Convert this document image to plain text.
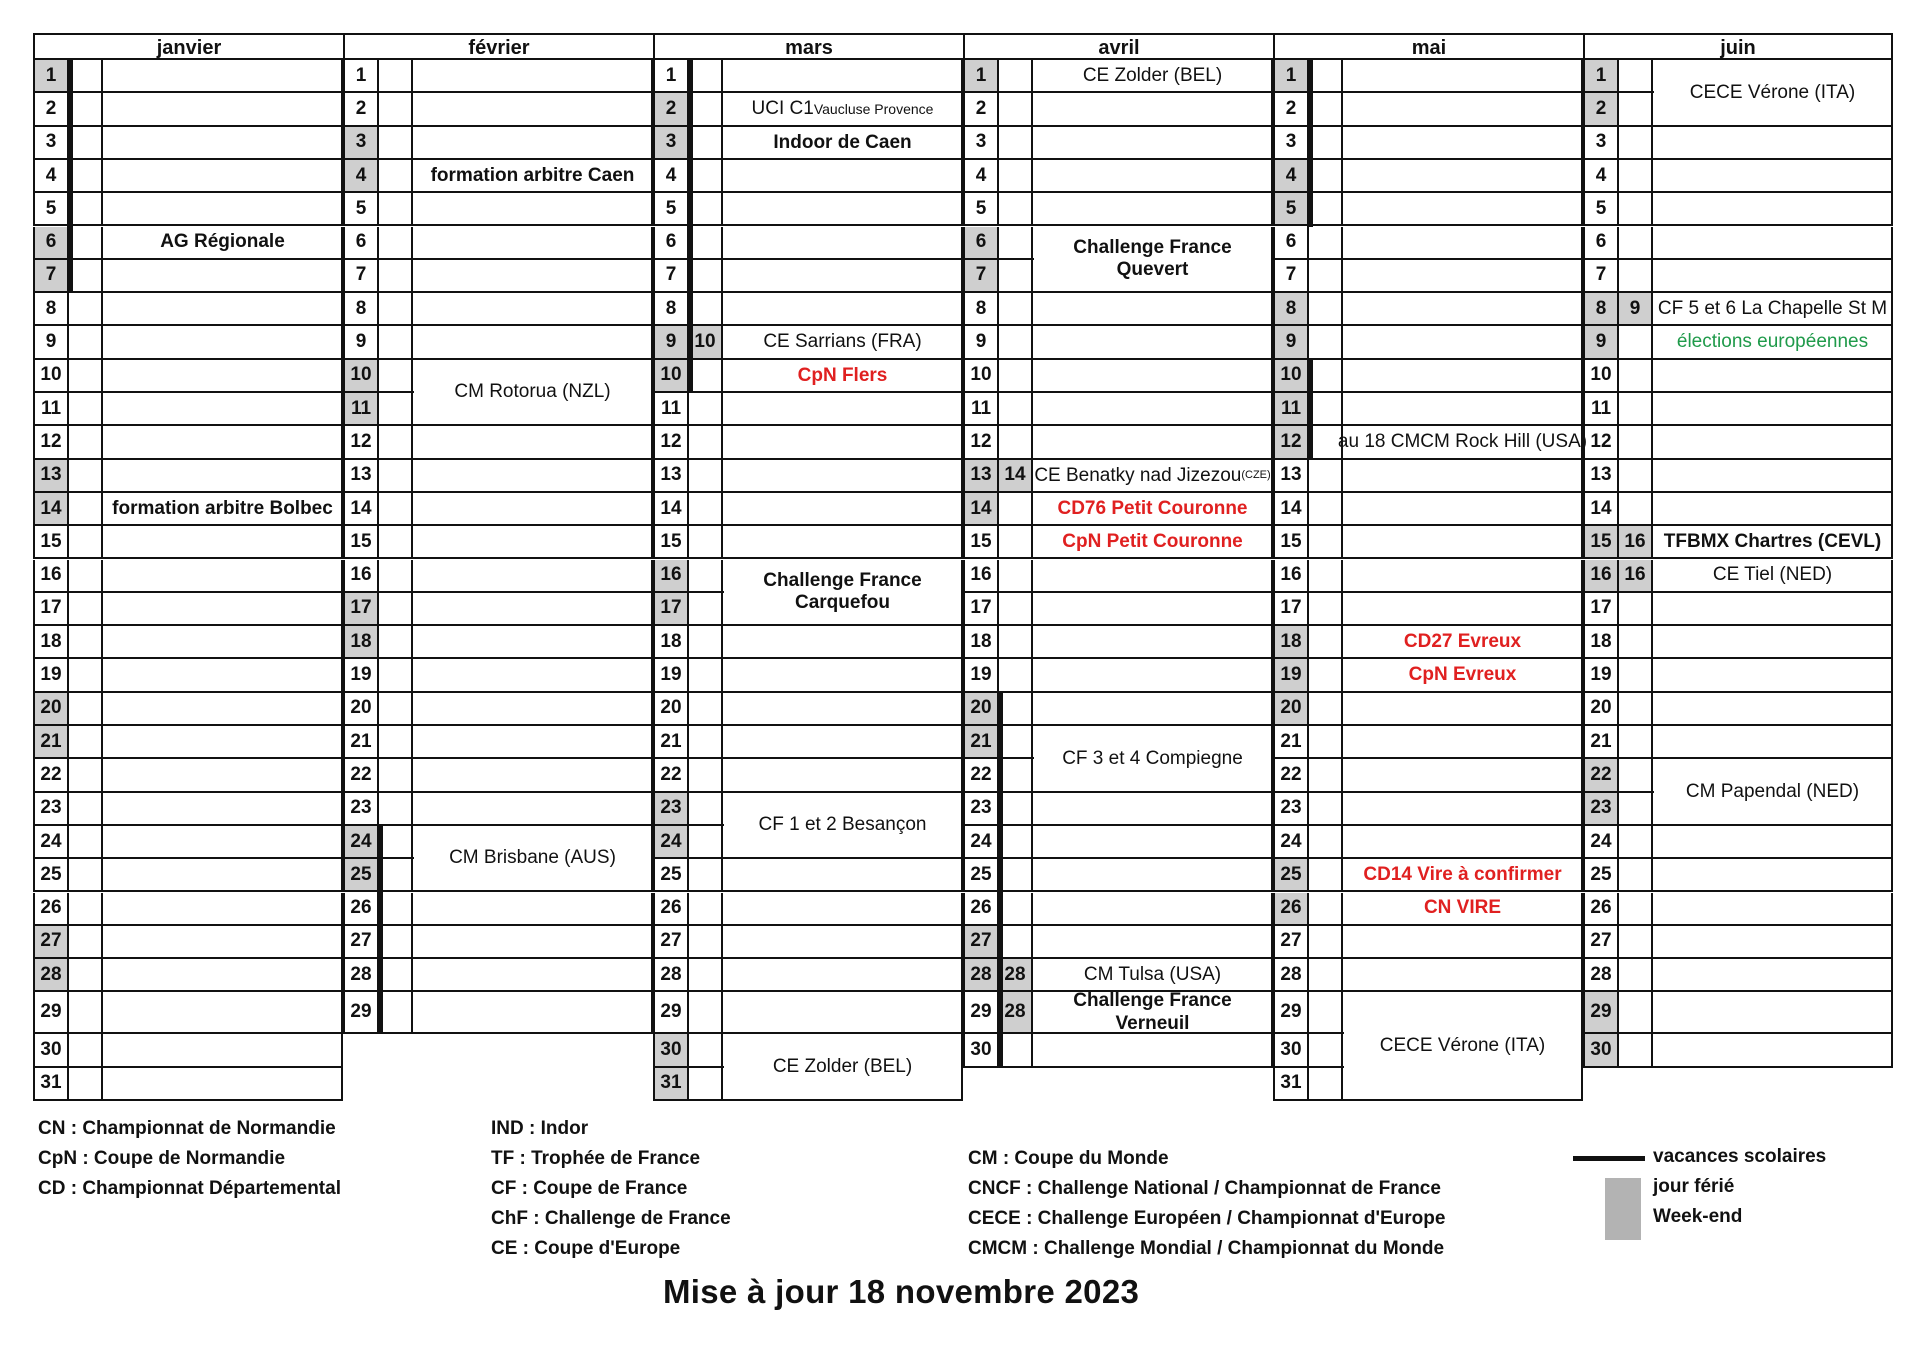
janvier
1
2
3
4
5
6
7
8
9
10
11
12
13
14
15
16
17
18
19
20
21
22
23
24
25
26
27
28
29
30
31
AG Régionale
formation arbitre Bolbec
février
1
2
3
4
5
6
7
8
9
10
11
12
13
14
15
16
17
18
19
20
21
22
23
24
25
26
27
28
29
formation arbitre Caen
CM Rotorua (NZL)
CM Brisbane (AUS)
mars
1
2
3
4
5
6
7
8
9 10
10
11
12
13
14
15
16
17
18
19
20
21
22
23
24
25
26
27
28
29
30
31
UCI C1 Vaucluse Provence
Indoor de Caen
CE Sarrians (FRA)
CpN Flers
Challenge France
Carquefou
CF 1 et 2 Besançon
CE Zolder (BEL)
avril
1
2
3
4
5
6
7
8
9
10
11
12
13 14
14
15
16
17
18
19
20
21
22
23
24
25
26
27
28 28
29 28
30
CE Zolder (BEL)
Challenge France
Quevert
CE Benatky nad Jizezou (CZE)
CD76 Petit Couronne
CpN Petit Couronne
CF 3 et 4 Compiegne
CM Tulsa (USA)
Challenge France
Verneuil
mai
1
2
3
4
5
6
7
8
9
10
11
12
13
14
15
16
17
18
19
20
21
22
23
24
25
26
27
28
29
30
31
au 18 CMCM Rock Hill (USA)
CD27 Evreux
CpN Evreux
CD14 Vire à confirmer
CN VIRE
CECE Vérone (ITA)
juin
1
2
3
4
5
6
7
8	9
9
10
11
12
13
14
15 16
16 16
17
18
19
20
21
22
23
24
25
26
27
28
29
30
CECE Vérone (ITA)
CF 5 et 6 La Chapelle St M
élections européennes
TFBMX Chartres (CEVL)
CE Tiel (NED)
CM Papendal (NED)
CN : Championnat de Normandie
CpN : Coupe de Normandie
CD : Championnat Départemental
IND : Indor
TF : Trophée de France
CF : Coupe de France
ChF : Challenge de France
CE : Coupe d'Europe
CM : Coupe du Monde
CNCF : Challenge National / Championnat de France
CECE : Challenge Européen / Championnat d'Europe
CMCM : Challenge Mondial / Championnat du Monde
vacances scolaires
jour férié
Week-end
Mise à jour 18 novembre 2023
